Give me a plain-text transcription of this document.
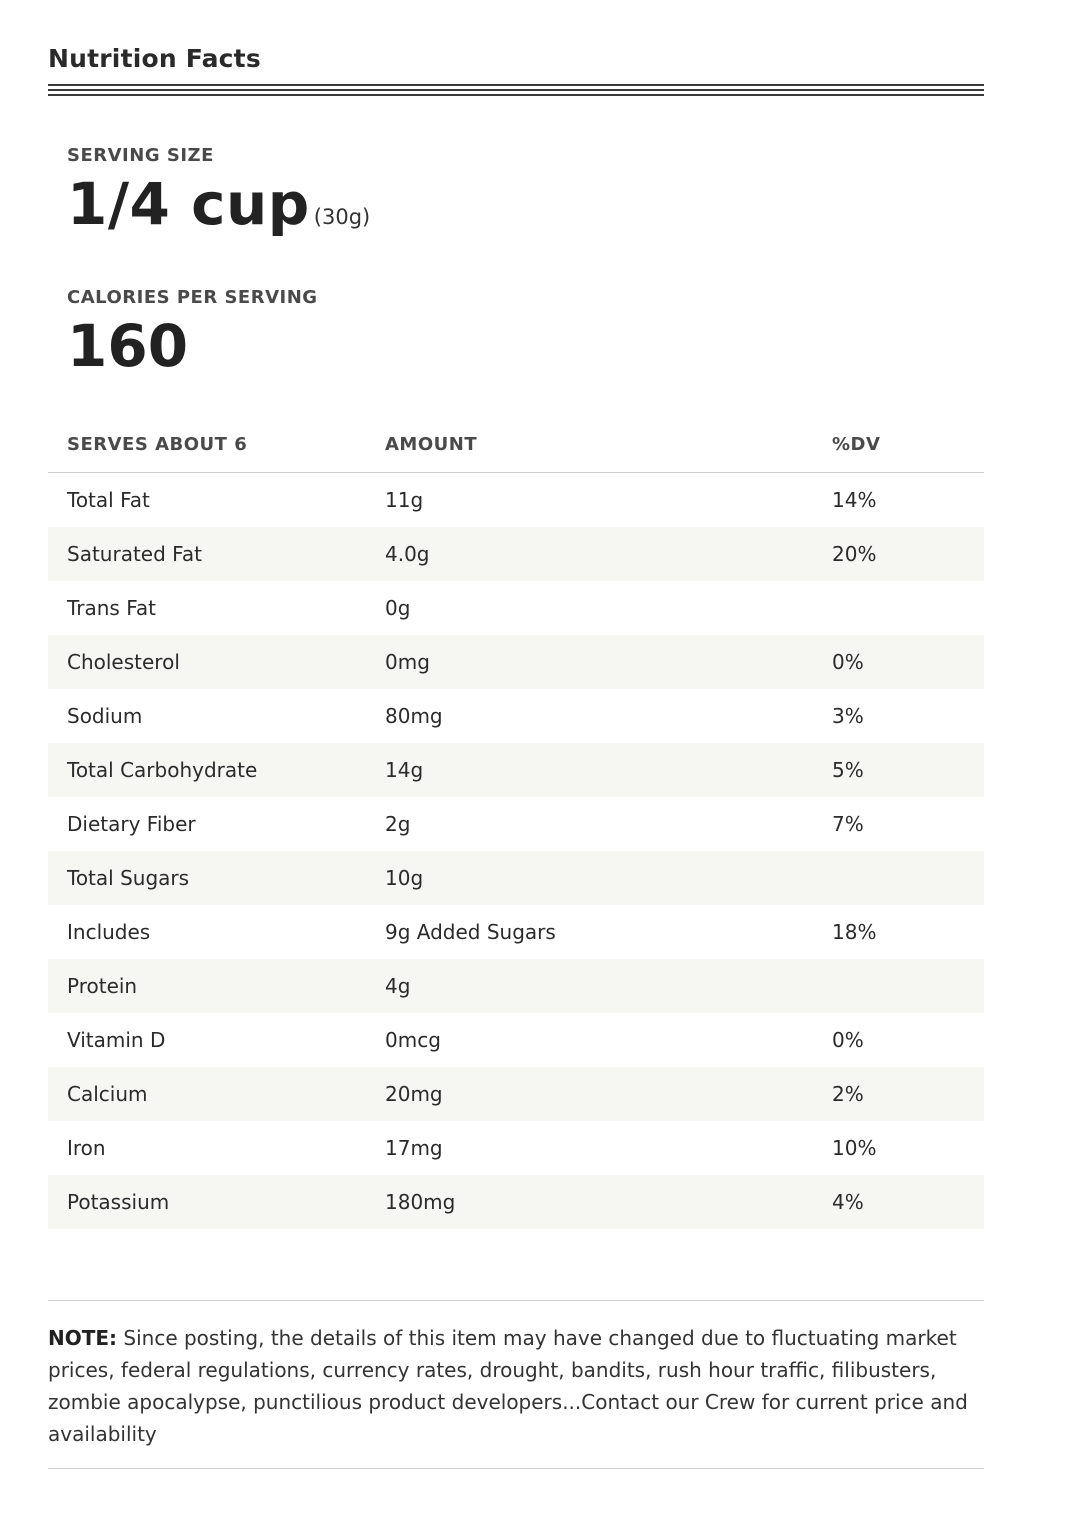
Nutrition Facts
SERVING SIZE
1/4 cup (30g)
CALORIES PER SERVING
160
SERVES ABOUT 6	AMOUNT	%DV
Total Fat	11g	14%
Saturated Fat	4.0g	20%
Trans Fat	0g
Cholesterol	0mg	0%
Sodium	80mg	3%
Total Carbohydrate	14g	5%
Dietary Fiber	2g	7%
Total Sugars	10g
Includes	9g Added Sugars	18%
Protein	4g
Vitamin D	0mcg	0%
Calcium	20mg	2%
Iron	17mg	10%
Potassium	180mg	4%
NOTE: Since posting, the details of this item may have changed due to fluctuating market prices, federal regulations, currency rates, drought, bandits, rush hour traffic, filibusters, zombie apocalypse, punctilious product developers...Contact our Crew for current price and availability
